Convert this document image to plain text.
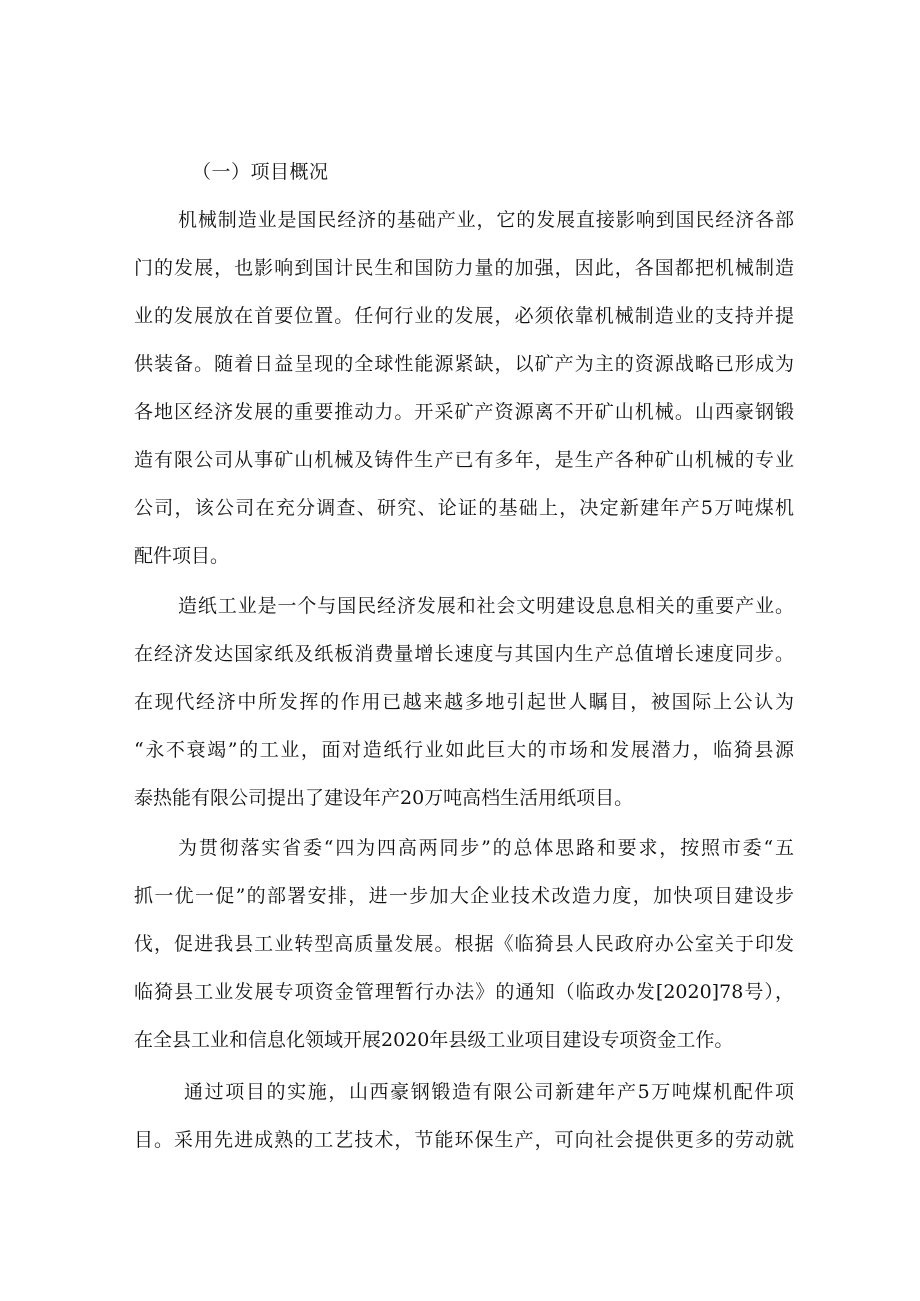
（一）项目概况
机械制造业是国民经济的基础产业，它的发展直接影响到国民经济各部
门的发展，也影响到国计民生和国防力量的加强，因此，各国都把机械制造
业的发展放在首要位置。任何行业的发展，必须依靠机械制造业的支持并提
供装备。随着日益呈现的全球性能源紧缺，以矿产为主的资源战略已形成为
各地区经济发展的重要推动力。开采矿产资源离不开矿山机械。山西豪钢锻
造有限公司从事矿山机械及铸件生产已有多年，是生产各种矿山机械的专业
公司，该公司在充分调查、研究、论证的基础上，决定新建年产5万吨煤机
配件项目。
造纸工业是一个与国民经济发展和社会文明建设息息相关的重要产业。
在经济发达国家纸及纸板消费量增长速度与其国内生产总值增长速度同步。
在现代经济中所发挥的作用已越来越多地引起世人瞩目，被国际上公认为
“永不衰竭”的工业，面对造纸行业如此巨大的市场和发展潜力，临猗县源
泰热能有限公司提出了建设年产20万吨高档生活用纸项目。
为贯彻落实省委“四为四高两同步”的总体思路和要求，按照市委“五
抓一优一促”的部署安排，进一步加大企业技术改造力度，加快项目建设步
伐，促进我县工业转型高质量发展。根据《临猗县人民政府办公室关于印发
临猗县工业发展专项资金管理暂行办法》的通知（临政办发[2020]78号），
在全县工业和信息化领域开展2020年县级工业项目建设专项资金工作。
通过项目的实施，山西豪钢锻造有限公司新建年产5万吨煤机配件项
目。采用先进成熟的工艺技术，节能环保生产，可向社会提供更多的劳动就
